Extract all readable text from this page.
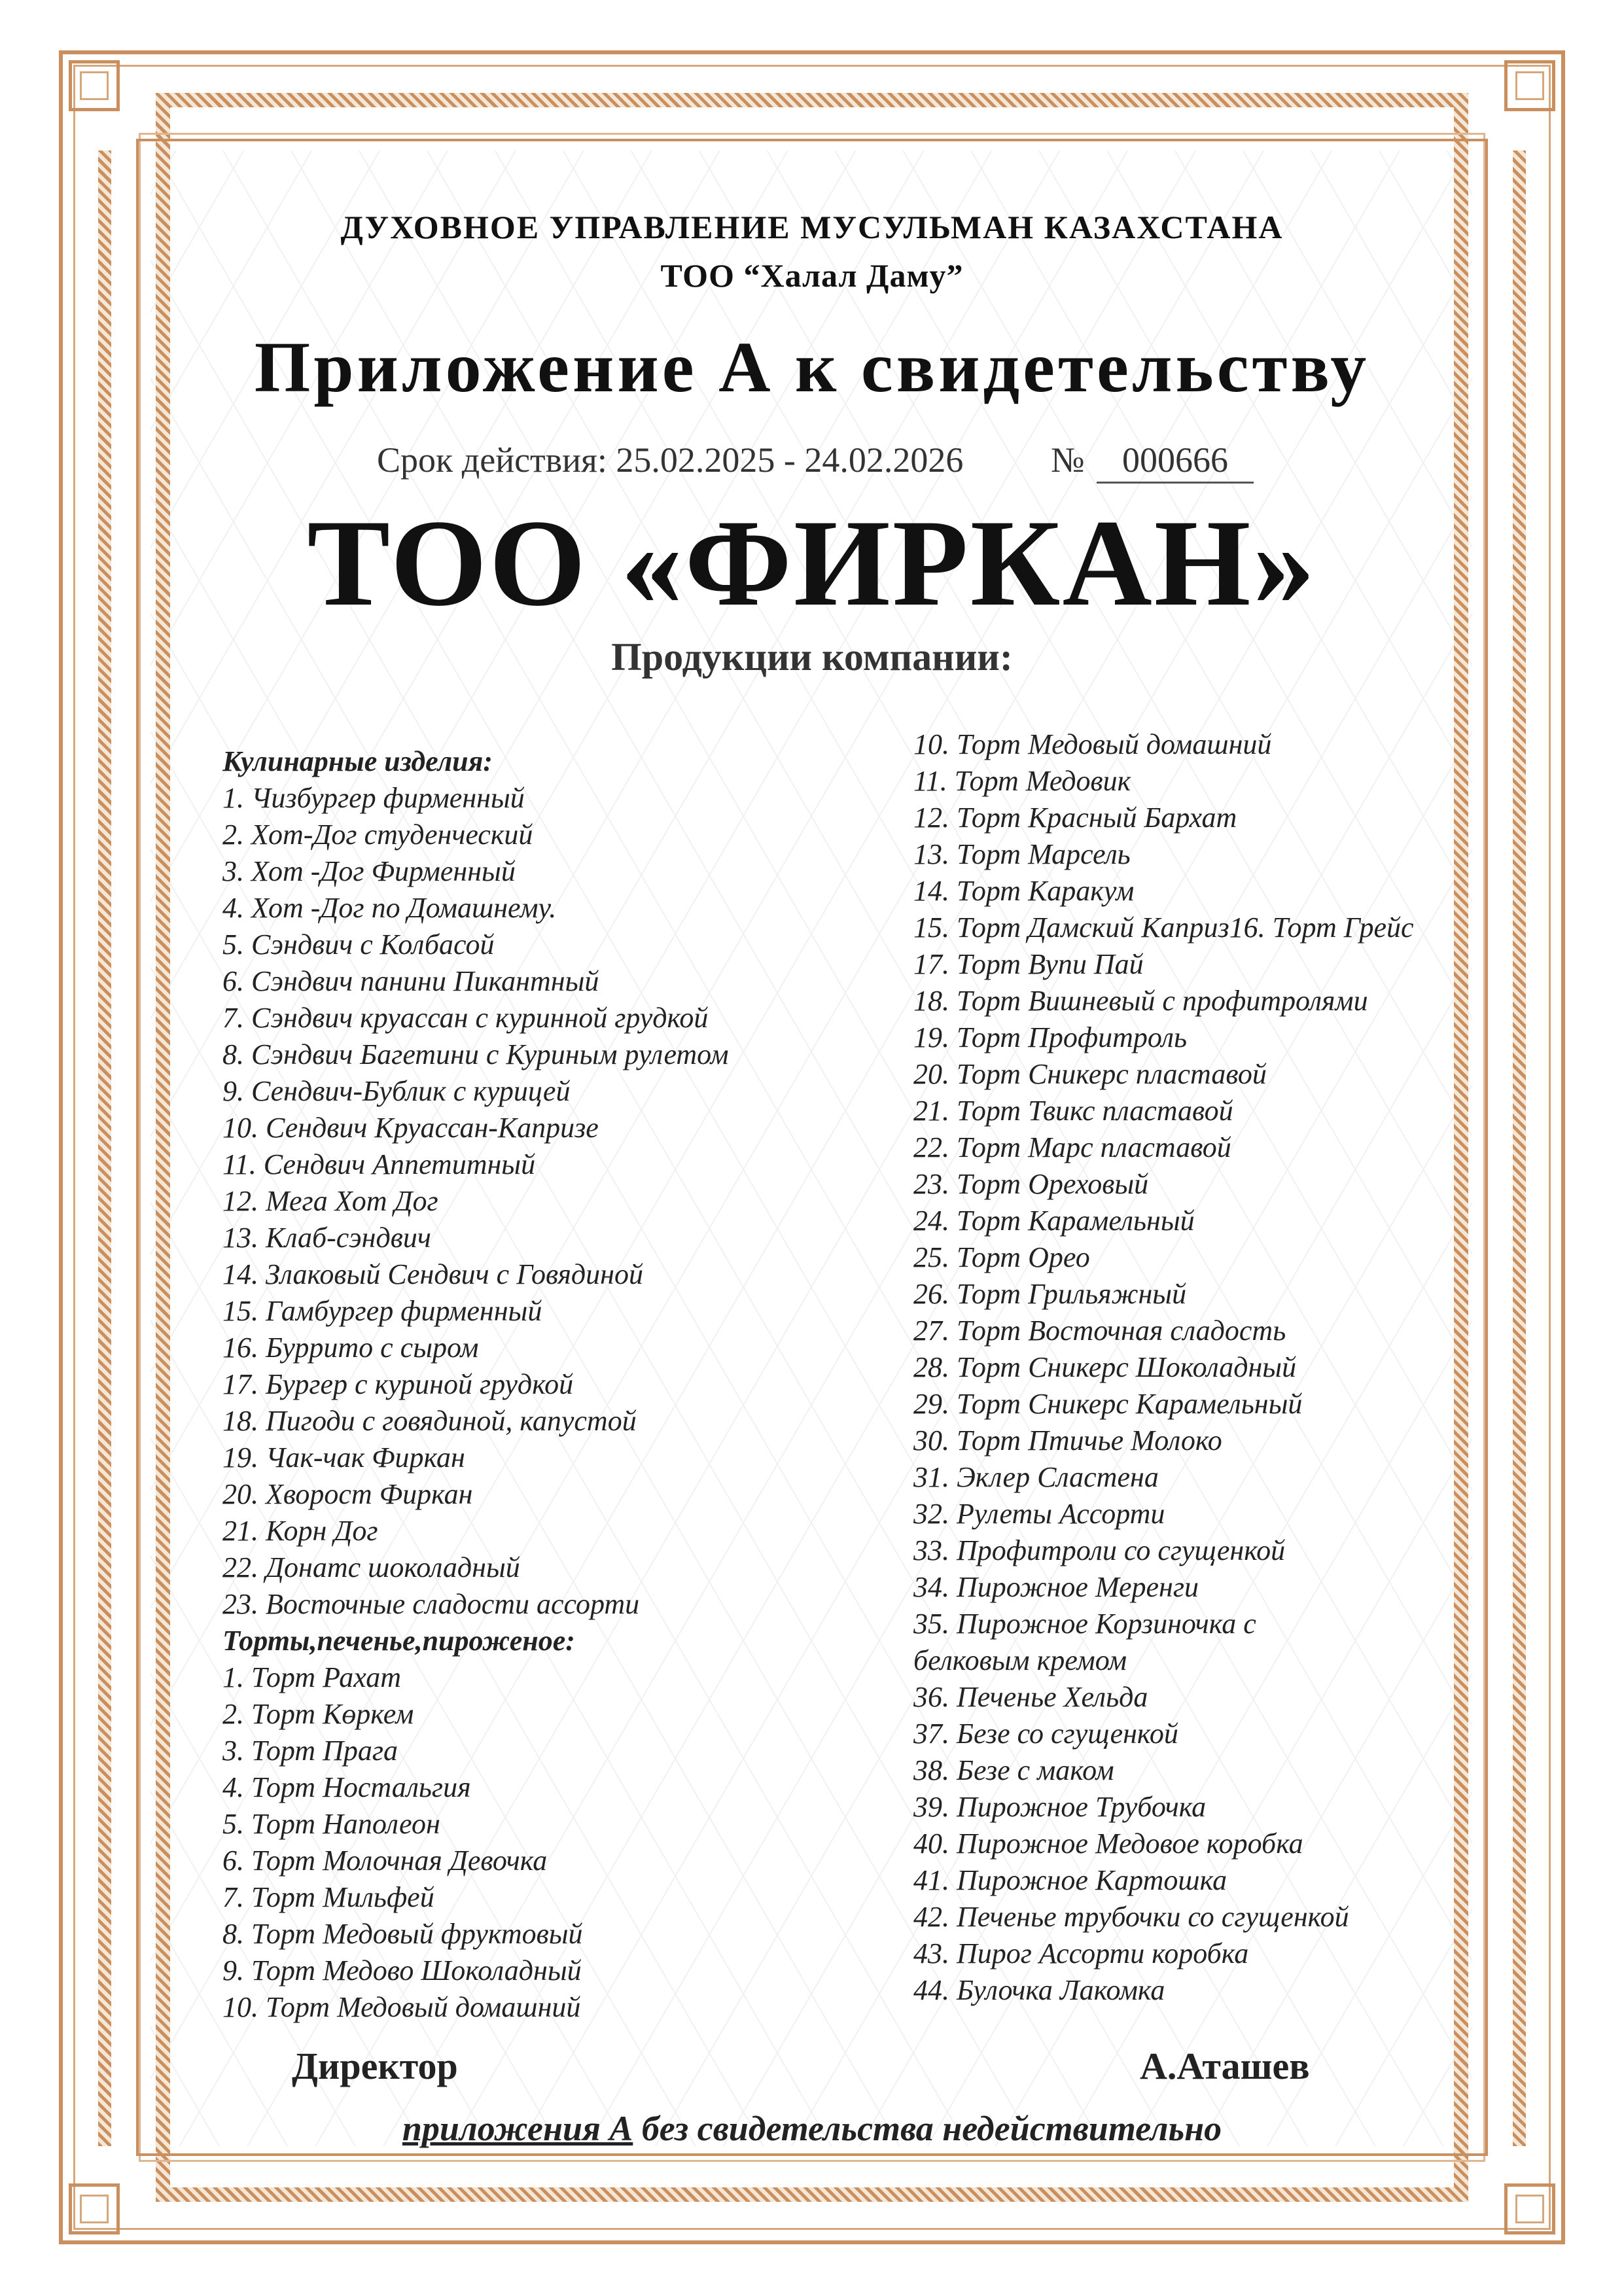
ДУХОВНОЕ УПРАВЛЕНИЕ МУСУЛЬМАН КАЗАХСТАНА
ТОО “Халал Даму”
Приложение А к свидетельству
Срок действия: 25.02.2025 - 24.02.2026 №	000666
ТОО «ФИРКАН»
Продукции компании:
Кулинарные изделия:
1. Чизбургер фирменный
2. Хот-Дог студенческий
3. Хот -Дог Фирменный
4. Хот -Дог по Домашнему.
5. Сэндвич с Колбасой
6. Сэндвич панини Пикантный
7. Сэндвич круассан с куринной грудкой
8. Сэндвич Багетини с Куриным рулетом
9. Сендвич-Бублик с курицей
10. Сендвич Круассан-Капризе
11. Сендвич Аппетитный
12. Мега Хот Дог
13. Клаб-сэндвич
14. Злаковый Сендвич с Говядиной
15. Гамбургер фирменный
16. Буррито с сыром
17. Бургер с куриной грудкой
18. Пигоди с говядиной, капустой
19. Чак-чак Фиркан
20. Хворост Фиркан
21. Корн Дог
22. Донатс шоколадный
23. Восточные сладости ассорти
Торты,печенье,пироженое:
1. Торт Рахат
2. Торт Көркем
3. Торт Прага
4. Торт Ностальгия
5. Торт Наполеон
6. Торт Молочная Девочка
7. Торт Мильфей
8. Торт Медовый фруктовый
9. Торт Медово Шоколадный
10. Торт Медовый домашний
10. Торт Медовый домашний
11. Торт Медовик
12. Торт Красный Бархат
13. Торт Марсель
14. Торт Каракум
15. Торт Дамский Каприз16. Торт Грейс
17. Торт Вупи Пай
18. Торт Вишневый с профитролями
19. Торт Профитроль
20. Торт Сникерс пластавой
21. Торт Твикс пластавой
22. Торт Марс пластавой
23. Торт Ореховый
24. Торт Карамельный
25. Торт Орео
26. Торт Грильяжный
27. Торт Восточная сладость
28. Торт Сникерс Шоколадный
29. Торт Сникерс Карамельный
30. Торт Птичье Молоко
31. Эклер Сластена
32. Рулеты Ассорти
33. Профитроли со сгущенкой
34. Пирожное Меренги
35. Пирожное Корзиночка с
белковым кремом
36. Печенье Хельда
37. Безе со сгущенкой
38. Безе с маком
39. Пирожное Трубочка
40. Пирожное Медовое коробка
41. Пирожное Картошка
42. Печенье трубочки со сгущенкой
43. Пирог Ассорти коробка
44. Булочка Лакомка
Директор	А.Аташев
приложения А без свидетельства недействительно
